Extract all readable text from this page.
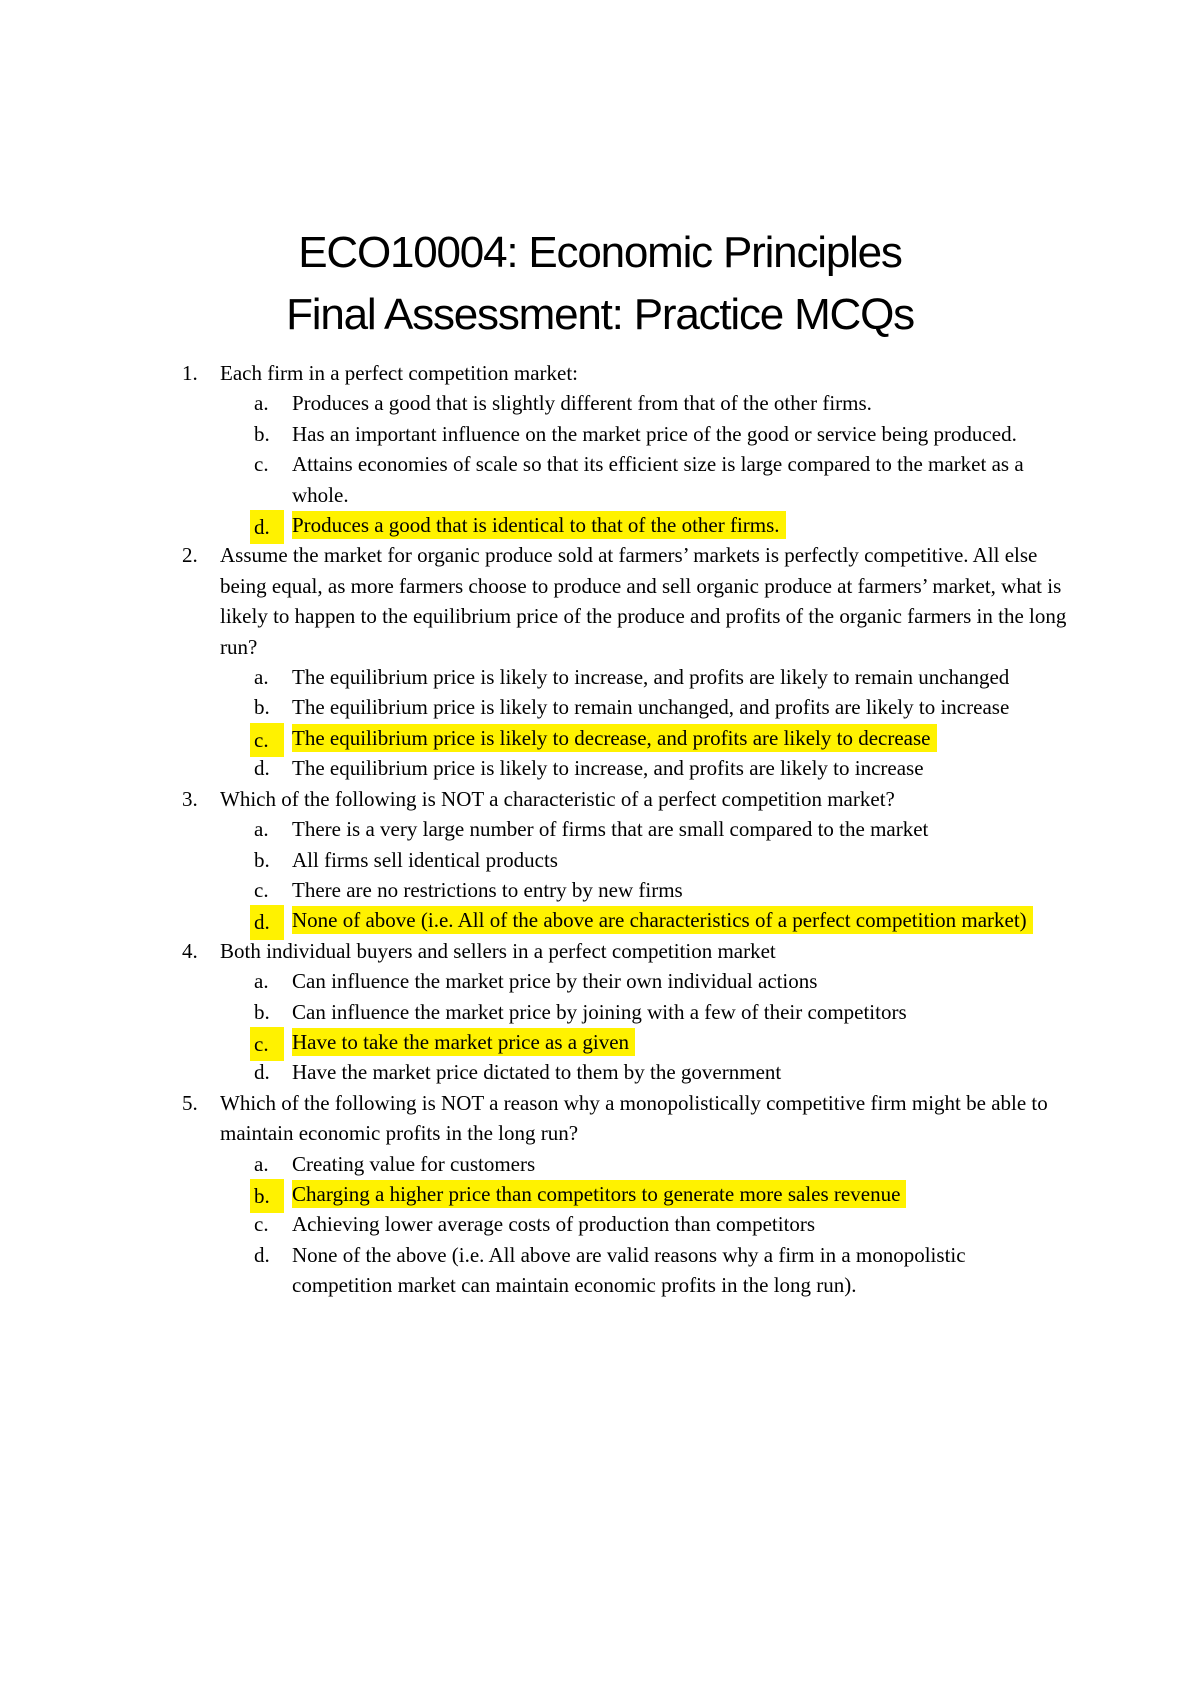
ECO10004: Economic Principles

Final Assessment: Practice MCQs

1.	Each firm in a perfect competition market:
a.	Produces a good that is slightly different from that of the other firms.
b.	Has an important influence on the market price of the good or service being produced.
c.	Attains economies of scale so that its efficient size is large compared to the market as a whole.
d.	Produces a good that is identical to that of the other firms.
2.	Assume the market for organic produce sold at farmers’ markets is perfectly competitive. All else being equal, as more farmers choose to produce and sell organic produce at farmers’ market, what is likely to happen to the equilibrium price of the produce and profits of the organic farmers in the long run?
a.	The equilibrium price is likely to increase, and profits are likely to remain unchanged
b.	The equilibrium price is likely to remain unchanged, and profits are likely to increase
c.	The equilibrium price is likely to decrease, and profits are likely to decrease
d.	The equilibrium price is likely to increase, and profits are likely to increase
3.	Which of the following is NOT a characteristic of a perfect competition market?
a.	There is a very large number of firms that are small compared to the market
b.	All firms sell identical products
c.	There are no restrictions to entry by new firms
d.	None of above (i.e. All of the above are characteristics of a perfect competition market)
4.	Both individual buyers and sellers in a perfect competition market
a.	Can influence the market price by their own individual actions
b.	Can influence the market price by joining with a few of their competitors
c.	Have to take the market price as a given
d.	Have the market price dictated to them by the government
5.	Which of the following is NOT a reason why a monopolistically competitive firm might be able to maintain economic profits in the long run?
a.	Creating value for customers
b.	Charging a higher price than competitors to generate more sales revenue
c.	Achieving lower average costs of production than competitors
d.	None of the above (i.e. All above are valid reasons why a firm in a monopolistic competition market can maintain economic profits in the long run).
